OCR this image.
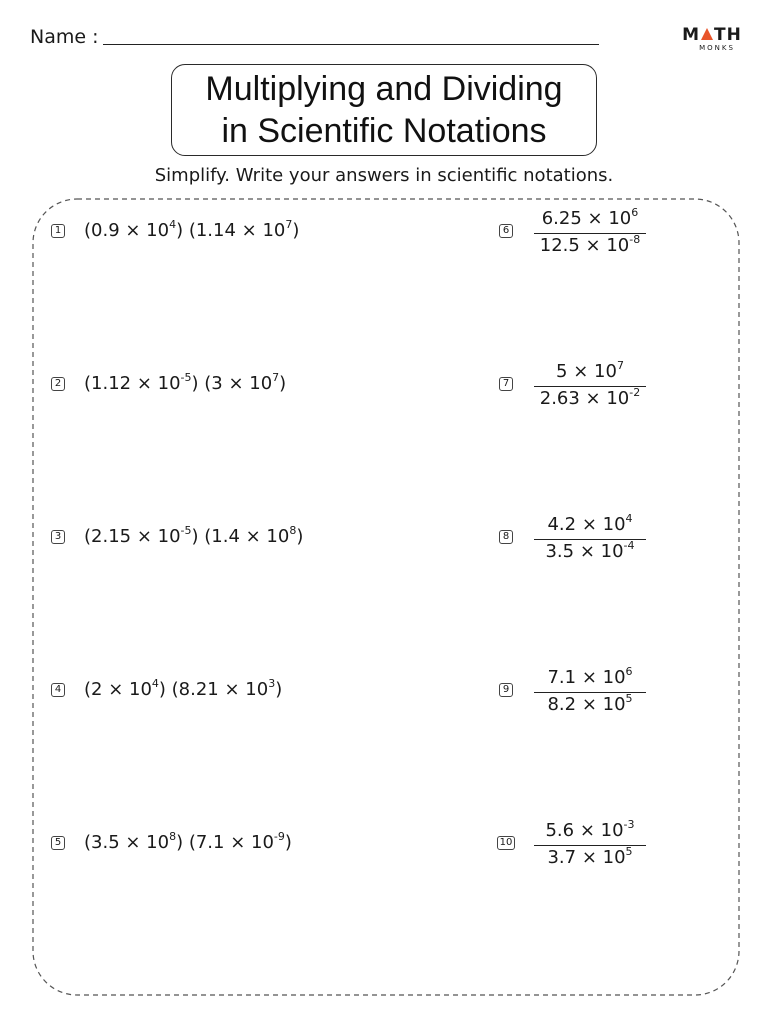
Name :	M TH
MONKS
Multiplying and Dividing
in Scientific Notations
Simplify. Write your answers in scientific notations.
1 $(0.9 \times 10^4)$ $(1.14 \times 10^7)$
2 $(1.12 \times 10^{-5})$ $(3 \times 10^7)$
3 $(2.15 \times 10^{-5})$ $(1.4 \times 10^8)$
4 $(2 \times 10^4)$ $(8.21 \times 10^3)$
5 $(3.5 \times 10^8)$ $(7.1 \times 10^{-9})$
6
7
8
9
10
$6.25 \times 10^6$
$12.5 \times 10^{-8}$
$5 \times 10^7$
$2.63 \times 10^{-2}$
$4.2 \times 10^4$
$3.5 \times 10^{-4}$
$7.1 \times 10^6$
$8.2 \times 10^5$
$5.6 \times 10^{-3}$
$3.7 \times 10^5$
